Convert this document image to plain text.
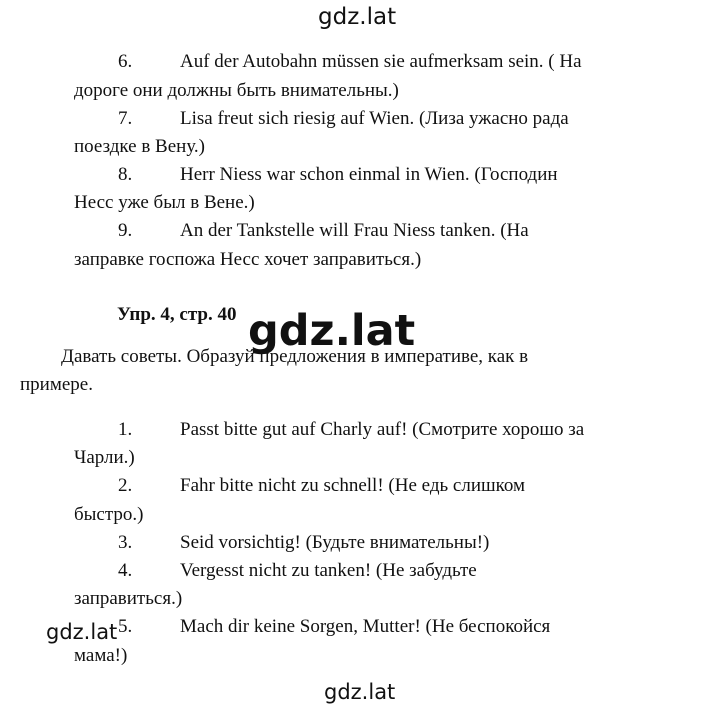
gdz.lat
gdz.lat
gdz.lat
gdz.lat
6.	Auf der Autobahn müssen sie aufmerksam sein. ( На
дороге они должны быть внимательны.)
7.	Lisa freut sich riesig auf Wien. (Лиза ужасно рада
поездке в Вену.)
8.	Herr Niess war schon einmal in Wien. (Господин
Несс уже был в Вене.)
9.	An der Tankstelle will Frau Niess tanken. (На
заправке госпожа Несс хочет заправиться.)
Упр. 4, стр. 40
Давать советы. Образуй предложения в императиве, как в
примере.
1.	Passt bitte gut auf Charly auf! (Смотрите хорошо за
Чарли.)
2.	Fahr bitte nicht zu schnell! (Не едь слишком
быстро.)
3.	Seid vorsichtig! (Будьте внимательны!)
4.	Vergesst nicht zu tanken! (Не забудьте
заправиться.)
5.	Mach dir keine Sorgen, Mutter! (Не беспокойся
мама!)
